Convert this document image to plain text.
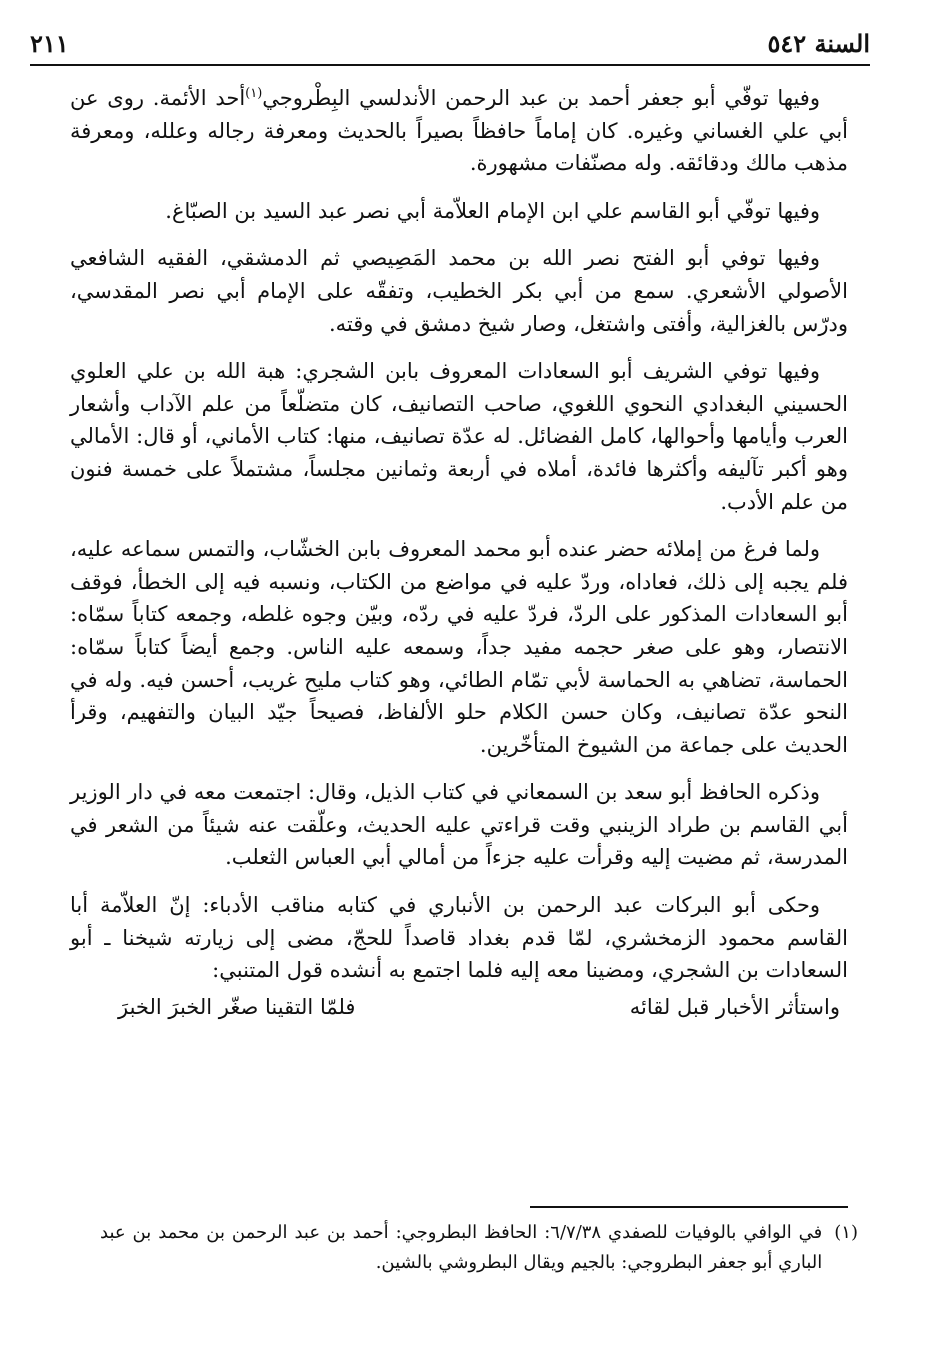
السنة ٥٤٢
٢١١

وفيها توفّي أبو جعفر أحمد بن عبد الرحمن الأندلسي البِطْروجي$^{(١)}$أحد الأئمة. روى عن أبي علي الغساني وغيره. كان إماماً حافظاً بصيراً بالحديث ومعرفة رجاله وعلله، ومعرفة مذهب مالك ودقائقه. وله مصنّفات مشهورة.

وفيها توفّي أبو القاسم علي ابن الإمام العلاّمة أبي نصر عبد السيد بن الصبّاغ.

وفيها توفي أبو الفتح نصر الله بن محمد المَصِيصي ثم الدمشقي، الفقيه الشافعي الأصولي الأشعري. سمع من أبي بكر الخطيب، وتفقّه على الإمام أبي نصر المقدسي، ودرّس بالغزالية، وأفتى واشتغل، وصار شيخ دمشق في وقته.

وفيها توفي الشريف أبو السعادات المعروف بابن الشجري: هبة الله بن علي العلوي الحسيني البغدادي النحوي اللغوي، صاحب التصانيف، كان متضلّعاً من علم الآداب وأشعار العرب وأيامها وأحوالها، كامل الفضائل. له عدّة تصانيف، منها: كتاب الأماني، أو قال: الأمالي وهو أكبر تآليفه وأكثرها فائدة، أملاه في أربعة وثمانين مجلساً، مشتملاً على خمسة فنون من علم الأدب.

ولما فرغ من إملائه حضر عنده أبو محمد المعروف بابن الخشّاب، والتمس سماعه عليه، فلم يجبه إلى ذلك، فعاداه، وردّ عليه في مواضع من الكتاب، ونسبه فيه إلى الخطأ، فوقف أبو السعادات المذكور على الردّ، فردّ عليه في ردّه، وبيّن وجوه غلطه، وجمعه كتاباً سمّاه: الانتصار، وهو على صغر حجمه مفيد جداً، وسمعه عليه الناس. وجمع أيضاً كتاباً سمّاه: الحماسة، تضاهي به الحماسة لأبي تمّام الطائي، وهو كتاب مليح غريب، أحسن فيه. وله في النحو عدّة تصانيف، وكان حسن الكلام حلو الألفاظ، فصيحاً جيّد البيان والتفهيم، وقرأ الحديث على جماعة من الشيوخ المتأخّرين.

وذكره الحافظ أبو سعد بن السمعاني في كتاب الذيل، وقال: اجتمعت معه في دار الوزير أبي القاسم بن طراد الزينبي وقت قراءتي عليه الحديث، وعلّقت عنه شيئاً من الشعر في المدرسة، ثم مضيت إليه وقرأت عليه جزءاً من أمالي أبي العباس الثعلب.

وحكى أبو البركات عبد الرحمن بن الأنباري في كتابه مناقب الأدباء: إنّ العلاّمة أبا القاسم محمود الزمخشري، لمّا قدم بغداد قاصداً للحجّ، مضى إلى زيارته شيخنا ـ أبو السعادات بن الشجري، ومضينا معه إليه فلما اجتمع به أنشده قول المتنبي:

واستأثر الأخبار قبل لقائه
فلمّا التقينا صغّر الخبرَ الخبرَ
(١)
في الوافي بالوفيات للصفدي ٦/٧/٣٨: الحافظ البطروجي: أحمد بن عبد الرحمن بن محمد بن عبد الباري أبو جعفر البطروجي: بالجيم ويقال البطروشي بالشين.
